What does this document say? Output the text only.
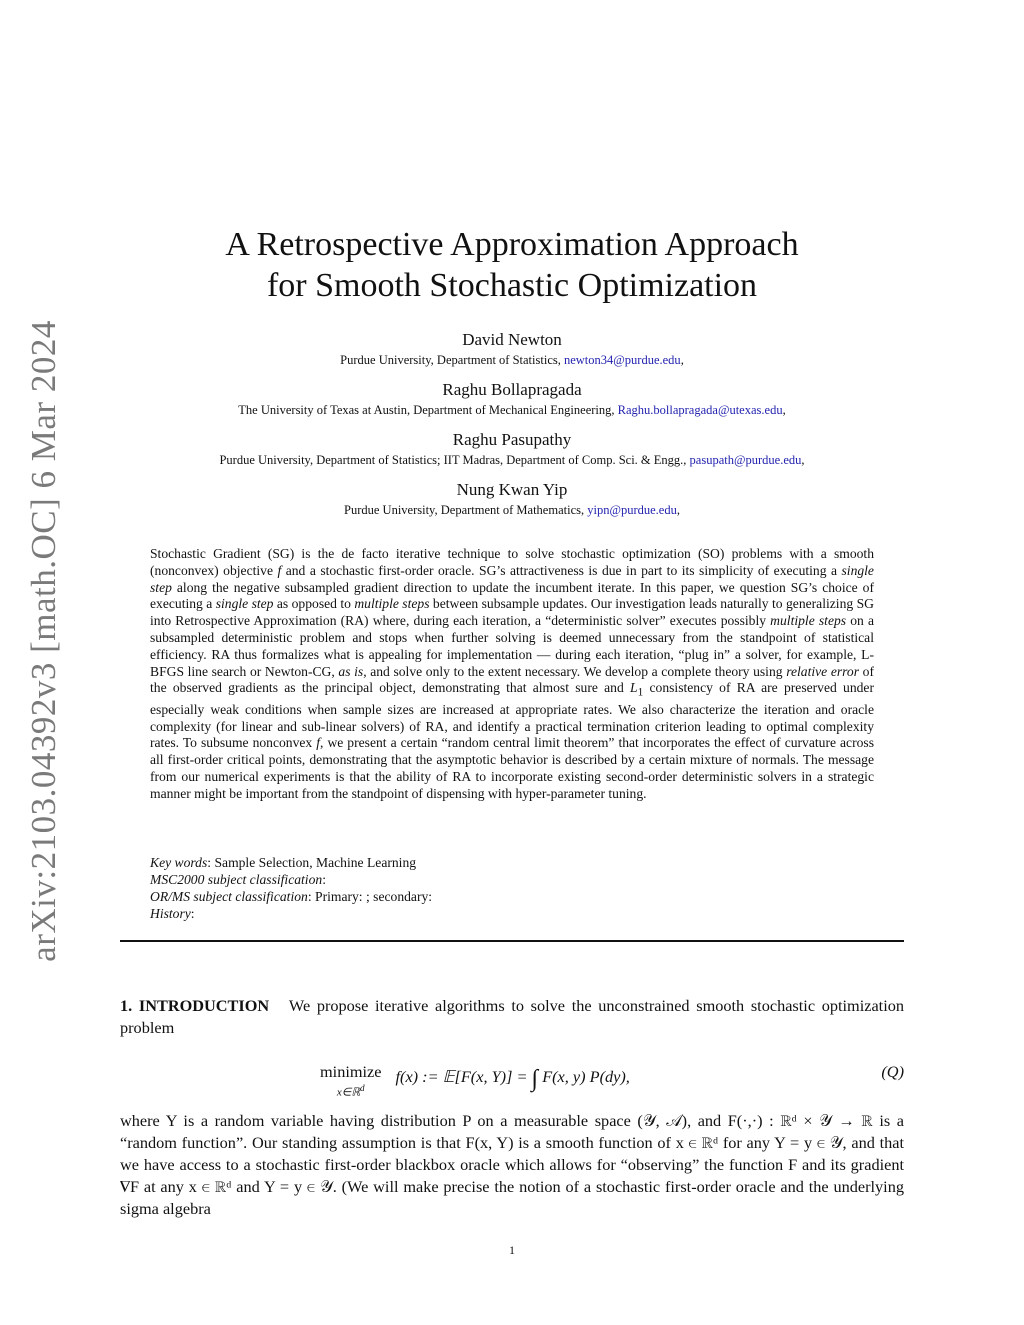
arXiv:2103.04392v3 [math.OC] 6 Mar 2024
A Retrospective Approximation Approach
for Smooth Stochastic Optimization
David Newton
Purdue University, Department of Statistics, newton34@purdue.edu,
Raghu Bollapragada
The University of Texas at Austin, Department of Mechanical Engineering, Raghu.bollapragada@utexas.edu,
Raghu Pasupathy
Purdue University, Department of Statistics; IIT Madras, Department of Comp. Sci. & Engg., pasupath@purdue.edu,
Nung Kwan Yip
Purdue University, Department of Mathematics, yipn@purdue.edu,

Stochastic Gradient (SG) is the de facto iterative technique to solve stochastic optimization (SO) problems with a smooth (nonconvex) objective f and a stochastic first-order oracle. SG’s attractiveness is due in part to its simplicity of executing a single step along the negative subsampled gradient direction to update the incumbent iterate. In this paper, we question SG’s choice of executing a single step as opposed to multiple steps between subsample updates. Our investigation leads naturally to generalizing SG into Retrospective Approximation (RA) where, during each iteration, a “deterministic solver” executes possibly multiple steps on a subsampled deterministic problem and stops when further solving is deemed unnecessary from the standpoint of statistical efficiency. RA thus formalizes what is appealing for implementation — during each iteration, “plug in” a solver, for example, L-BFGS line search or Newton-CG, as is, and solve only to the extent necessary. We develop a complete theory using relative error of the observed gradients as the principal object, demonstrating that almost sure and $L_1$ consistency of RA are preserved under especially weak conditions when sample sizes are increased at appropriate rates. We also characterize the iteration and oracle complexity (for linear and sub-linear solvers) of RA, and identify a practical termination criterion leading to optimal complexity rates. To subsume nonconvex f, we present a certain “random central limit theorem” that incorporates the effect of curvature across all first-order critical points, demonstrating that the asymptotic behavior is described by a certain mixture of normals. The message from our numerical experiments is that the ability of RA to incorporate existing second-order deterministic solvers in a strategic manner might be important from the standpoint of dispensing with hyper-parameter tuning.

Key words: Sample Selection, Machine Learning
MSC2000 subject classification:
OR/MS subject classification: Primary: ; secondary:
History:

1. INTRODUCTION We propose iterative algorithms to solve the unconstrained smooth stochastic optimization problem

minimize
x∈ℝ$^d$
f(x) := 𝔼[F(x, Y)] = ∫ F(x, y) P(dy),	(Q)

where Y is a random variable having distribution P on a measurable space (𝒴, 𝒜), and F(·,·) : ℝᵈ × 𝒴 → ℝ is a “random function”. Our standing assumption is that F(x, Y) is a smooth function of x ∈ ℝᵈ for any Y = y ∈ 𝒴, and that we have access to a stochastic first-order blackbox oracle which allows for “observing” the function F and its gradient ∇F at any x ∈ ℝᵈ and Y = y ∈ 𝒴. (We will make precise the notion of a stochastic first-order oracle and the underlying sigma algebra

1
